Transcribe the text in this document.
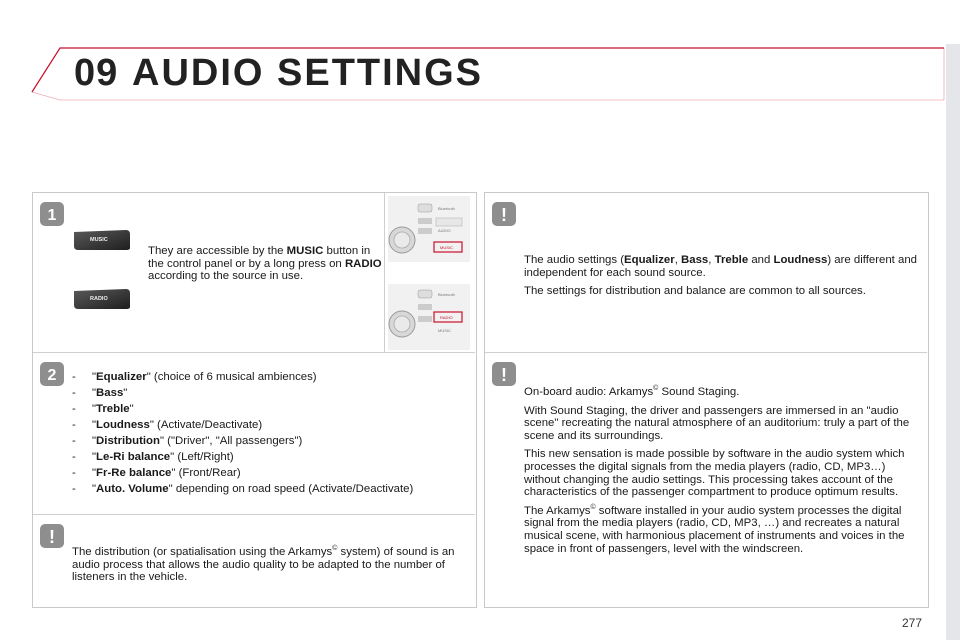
09 AUDIO SETTINGS
1
MUSIC
RADIO
They are accessible by the MUSIC button in the control panel or by a long press on RADIO according to the source in use.
Bluetooth
AUDIO
MUSIC
Bluetooth
RADIO
MUSIC
2 -	"Equalizer" (choice of 6 musical ambiences)
-	"Bass"
-	"Treble"
-	"Loudness" (Activate/Deactivate)
-	"Distribution" ("Driver", "All passengers")
-	"Le-Ri balance" (Left/Right)
-	"Fr-Re balance" (Front/Rear)
-	"Auto. Volume" depending on road speed (Activate/Deactivate)
!
The distribution (or spatialisation using the Arkamys© system) of sound is an audio process that allows the audio quality to be adapted to the number of listeners in the vehicle.
!

The audio settings (Equalizer, Bass, Treble and Loudness) are different and independent for each sound source.

The settings for distribution and balance are common to all sources.

!

On-board audio: Arkamys© Sound Staging.

With Sound Staging, the driver and passengers are immersed in an "audio scene" recreating the natural atmosphere of an auditorium: truly a part of the scene and its surroundings.

This new sensation is made possible by software in the audio system which processes the digital signals from the media players (radio, CD, MP3…) without changing the audio settings. This processing takes account of the characteristics of the passenger compartment to produce optimum results.

The Arkamys© software installed in your audio system processes the digital signal from the media players (radio, CD, MP3, …) and recreates a natural musical scene, with harmonious placement of instruments and voices in the space in front of passengers, level with the windscreen.

277
